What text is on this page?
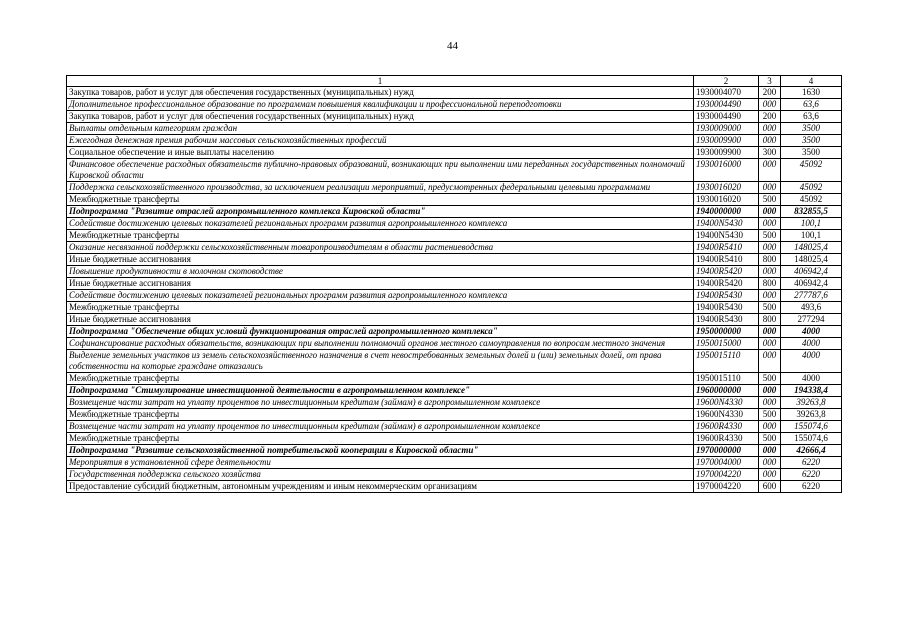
44
1	2	3	4
Закупка товаров, работ и услуг для обеспечения государственных (муниципальных) нужд	1930004070	200	1630
Дополнительное профессиональное образование по программам повышения квалификации и профессиональной переподготовки	1930004490	000	63,6
Закупка товаров, работ и услуг для обеспечения государственных (муниципальных) нужд	1930004490	200	63,6
Выплаты отдельным категориям граждан	1930009000	000	3500
Ежегодная денежная премия рабочим массовых сельскохозяйственных профессий	1930009900	000	3500
Социальное обеспечение и иные выплаты населению	1930009900	300	3500
Финансовое обеспечение расходных обязательств публично-правовых образований, возникающих при выполнении ими переданных государственных полномочий Кировской области	1930016000	000	45092
Поддержка сельскохозяйственного производства, за исключением реализации мероприятий, предусмотренных федеральными целевыми программами	1930016020	000	45092
Межбюджетные трансферты	1930016020	500	45092
Подпрограмма "Развитие отраслей агропромышленного комплекса Кировской области"	1940000000	000	832855,5
Содействие достижению целевых показателей региональных программ развития агропромышленного комплекса	19400N5430	000	100,1
Межбюджетные трансферты	19400N5430	500	100,1
Оказание несвязанной поддержки сельскохозяйственным товаропроизводителям в области растениеводства	19400R5410	000	148025,4
Иные бюджетные ассигнования	19400R5410	800	148025,4
Повышение продуктивности в молочном скотоводстве	19400R5420	000	406942,4
Иные бюджетные ассигнования	19400R5420	800	406942,4
Содействие достижению целевых показателей региональных программ развития агропромышленного комплекса	19400R5430	000	277787,6
Межбюджетные трансферты	19400R5430	500	493,6
Иные бюджетные ассигнования	19400R5430	800	277294
Подпрограмма "Обеспечение общих условий функционирования отраслей агропромышленного комплекса"	1950000000	000	4000
Софинансирование расходных обязательств, возникающих при выполнении полномочий органов местного самоуправления по вопросам местного значения	1950015000	000	4000
Выделение земельных участков из земель сельскохозяйственного назначения в счет невостребованных земельных долей и (или) земельных долей, от права собственности на которые граждане отказались	1950015110	000	4000
Межбюджетные трансферты	1950015110	500	4000
Подпрограмма "Стимулирование инвестиционной деятельности в агропромышленном комплексе"	1960000000	000	194338,4
Возмещение части затрат на уплату процентов по инвестиционным кредитам (займам) в агропромышленном комплексе	19600N4330	000	39263,8
Межбюджетные трансферты	19600N4330	500	39263,8
Возмещение части затрат на уплату процентов по инвестиционным кредитам (займам) в агропромышленном комплексе	19600R4330	000	155074,6
Межбюджетные трансферты	19600R4330	500	155074,6
Подпрограмма "Развитие сельскохозяйственной потребительской кооперации в Кировской области"	1970000000	000	42666,4
Мероприятия в установленной сфере деятельности	1970004000	000	6220
Государственная поддержка сельского хозяйства	1970004220	000	6220
Предоставление субсидий бюджетным, автономным учреждениям и иным некоммерческим организациям	1970004220	600	6220
